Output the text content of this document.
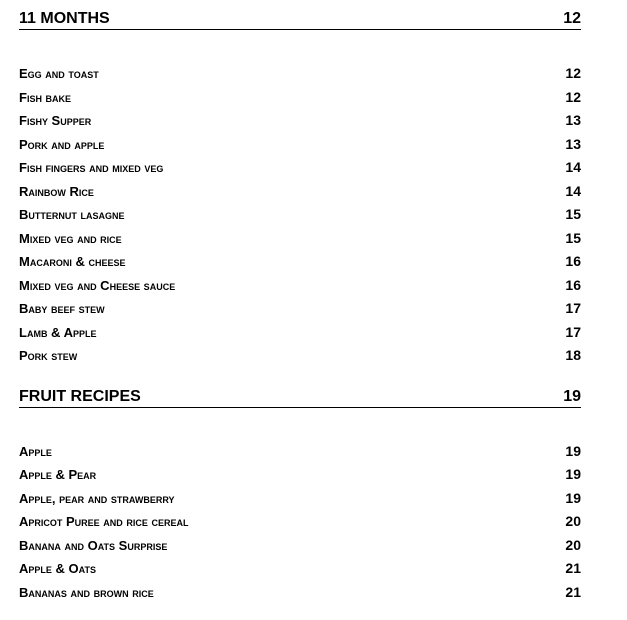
11 MONTHS	12
Egg and toast	12
Fish bake	12
Fishy Supper	13
Pork and apple	13
Fish fingers and mixed veg	14
Rainbow Rice	14
Butternut lasagne	15
Mixed veg and rice	15
Macaroni & cheese	16
Mixed veg and Cheese sauce	16
Baby beef stew	17
Lamb & Apple	17
Pork stew	18
FRUIT RECIPES	19
Apple	19
Apple & Pear	19
Apple, pear and strawberry	19
Apricot Puree and rice cereal	20
Banana and Oats Surprise	20
Apple & Oats	21
Bananas and brown rice	21
